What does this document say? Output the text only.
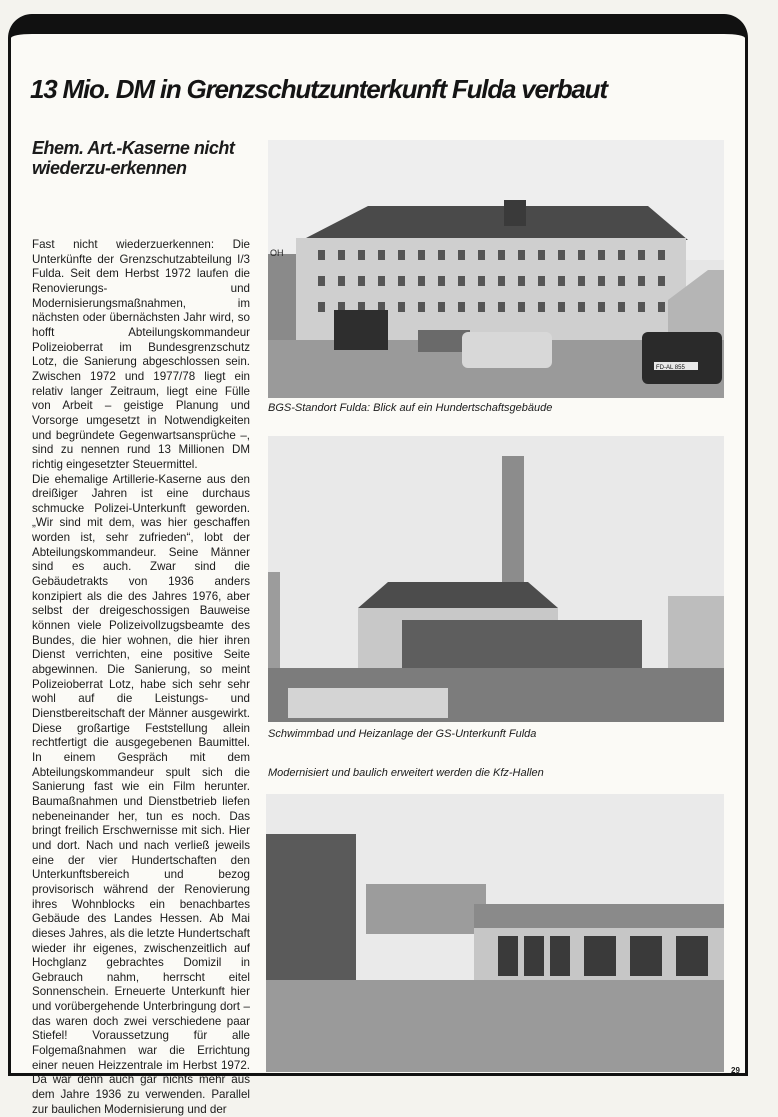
13 Mio. DM in Grenzschutzunterkunft Fulda verbaut
Ehem. Art.-Kaserne nicht wiederzu-erkennen

Fast nicht wiederzuerkennen: Die Unterkünfte der Grenzschutzabteilung I/3 Fulda. Seit dem Herbst 1972 laufen die Renovierungs- und Modernisierungsmaßnahmen, im nächsten oder übernächsten Jahr wird, so hofft Abteilungskommandeur Polizeioberrat im Bundesgrenzschutz Lotz, die Sanierung abgeschlossen sein. Zwischen 1972 und 1977/78 liegt ein relativ langer Zeitraum, liegt eine Fülle von Arbeit – geistige Planung und Vorsorge umgesetzt in Notwendigkeiten und begründete Gegenwartsansprüche –, sind zu nennen rund 13 Millionen DM richtig eingesetzter Steuermittel.

Die ehemalige Artillerie-Kaserne aus den dreißiger Jahren ist eine durchaus schmucke Polizei-Unterkunft geworden. „Wir sind mit dem, was hier geschaffen worden ist, sehr zufrieden“, lobt der Abteilungskommandeur. Seine Männer sind es auch. Zwar sind die Gebäudetrakts von 1936 anders konzipiert als die des Jahres 1976, aber selbst der dreigeschossigen Bauweise können viele Polizeivollzugsbeamte des Bundes, die hier wohnen, die hier ihren Dienst verrichten, eine positive Seite abgewinnen. Die Sanierung, so meint Polizeioberrat Lotz, habe sich sehr sehr wohl auf die Leistungs- und Dienstbereitschaft der Männer ausgewirkt. Diese großartige Feststellung allein rechtfertigt die ausgegebenen Baumittel. In einem Gespräch mit dem Abteilungskommandeur spult sich die Sanierung fast wie ein Film herunter. Baumaßnahmen und Dienstbetrieb liefen nebeneinander her, tun es noch. Das bringt freilich Erschwernisse mit sich. Hier und dort. Nach und nach verließ jeweils eine der vier Hundertschaften den Unterkunftsbereich und bezog provisorisch während der Renovierung ihres Wohnblocks ein benachbartes Gebäude des Landes Hessen. Ab Mai dieses Jahres, als die letzte Hundertschaft wieder ihr eigenes, zwischenzeitlich auf Hochglanz gebrachtes Domizil in Gebrauch nahm, herrscht eitel Sonnenschein. Erneuerte Unterkunft hier und vorübergehende Unterbringung dort – das waren doch zwei verschiedene paar Stiefel! Voraussetzung für alle Folgemaßnahmen war die Errichtung einer neuen Heizzentrale im Herbst 1972. Da war denn auch gar nichts mehr aus dem Jahre 1936 zu verwenden. Parallel zur baulichen Modernisierung und der

FD-AL 855
OH

BGS-Standort Fulda: Blick auf ein Hundertschaftsgebäude

Schwimmbad und Heizanlage der GS-Unterkunft Fulda

Modernisiert und baulich erweitert werden die Kfz-Hallen

29
